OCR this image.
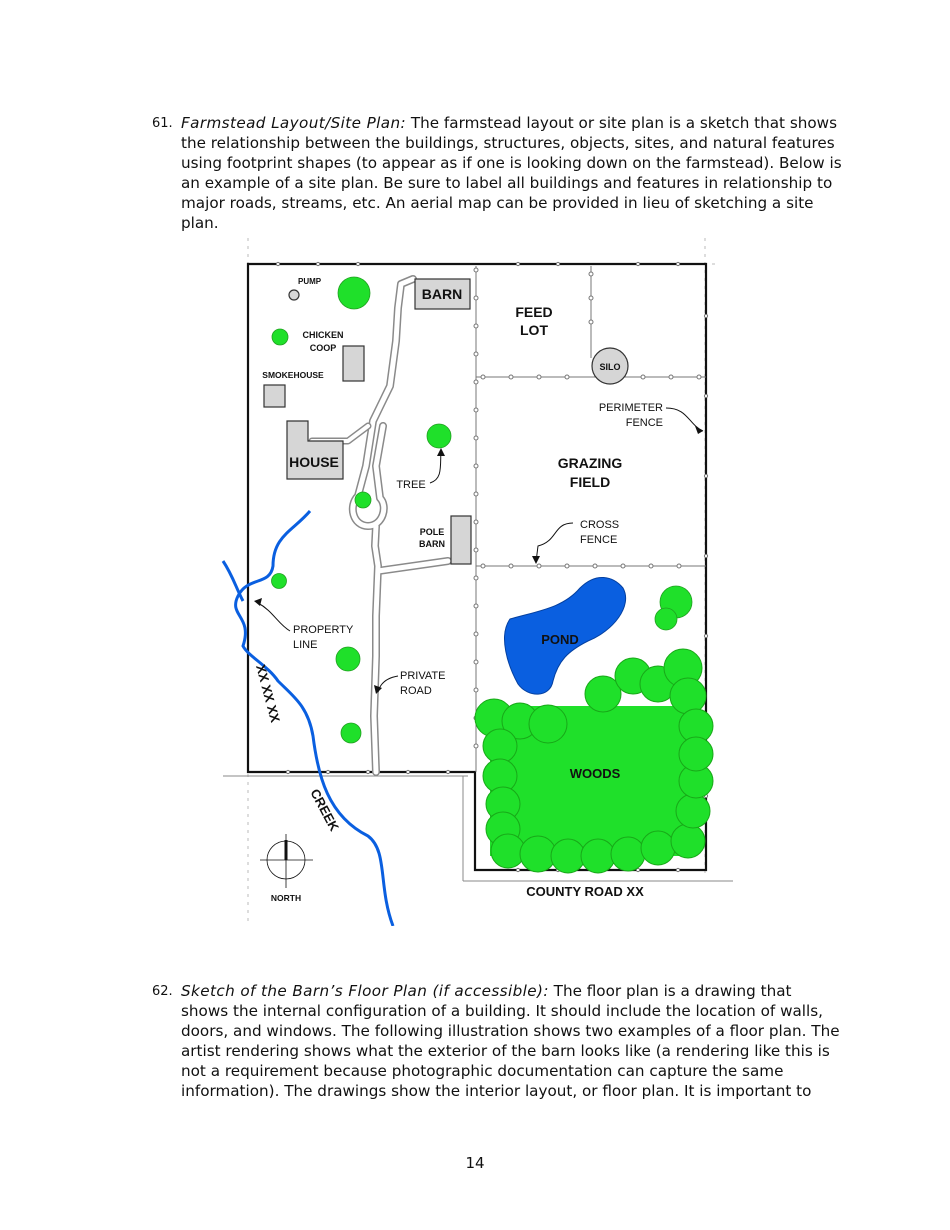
61. Farmstead Layout/Site Plan: The farmstead layout or site plan is a sketch that shows the relationship between the buildings, structures, objects, sites, and natural features using footprint shapes (to appear as if one is looking down on the farmstead). Below is an example of a site plan. Be sure to label all buildings and features in relationship to major roads, streams, etc. An aerial map can be provided in lieu of sketching a site plan.
PUMP
BARN
FEED
LOT
CHICKEN
COOP
SILO
SMOKEHOUSE
PERIMETER
FENCE
HOUSE	GRAZING
FIELD
TREE
POLE
BARN
CROSS
FENCE
PROPERTY
LINE	POND
PRIVATE
ROAD
XX XX XX
WOODS
CREEK
NORTH	COUNTY ROAD XX
62. Sketch of the Barn’s Floor Plan (if accessible): The floor plan is a drawing that shows the internal configuration of a building. It should include the location of walls, doors, and windows. The following illustration shows two examples of a floor plan. The artist rendering shows what the exterior of the barn looks like (a rendering like this is not a requirement because photographic documentation can capture the same information). The drawings show the interior layout, or floor plan. It is important to
14
